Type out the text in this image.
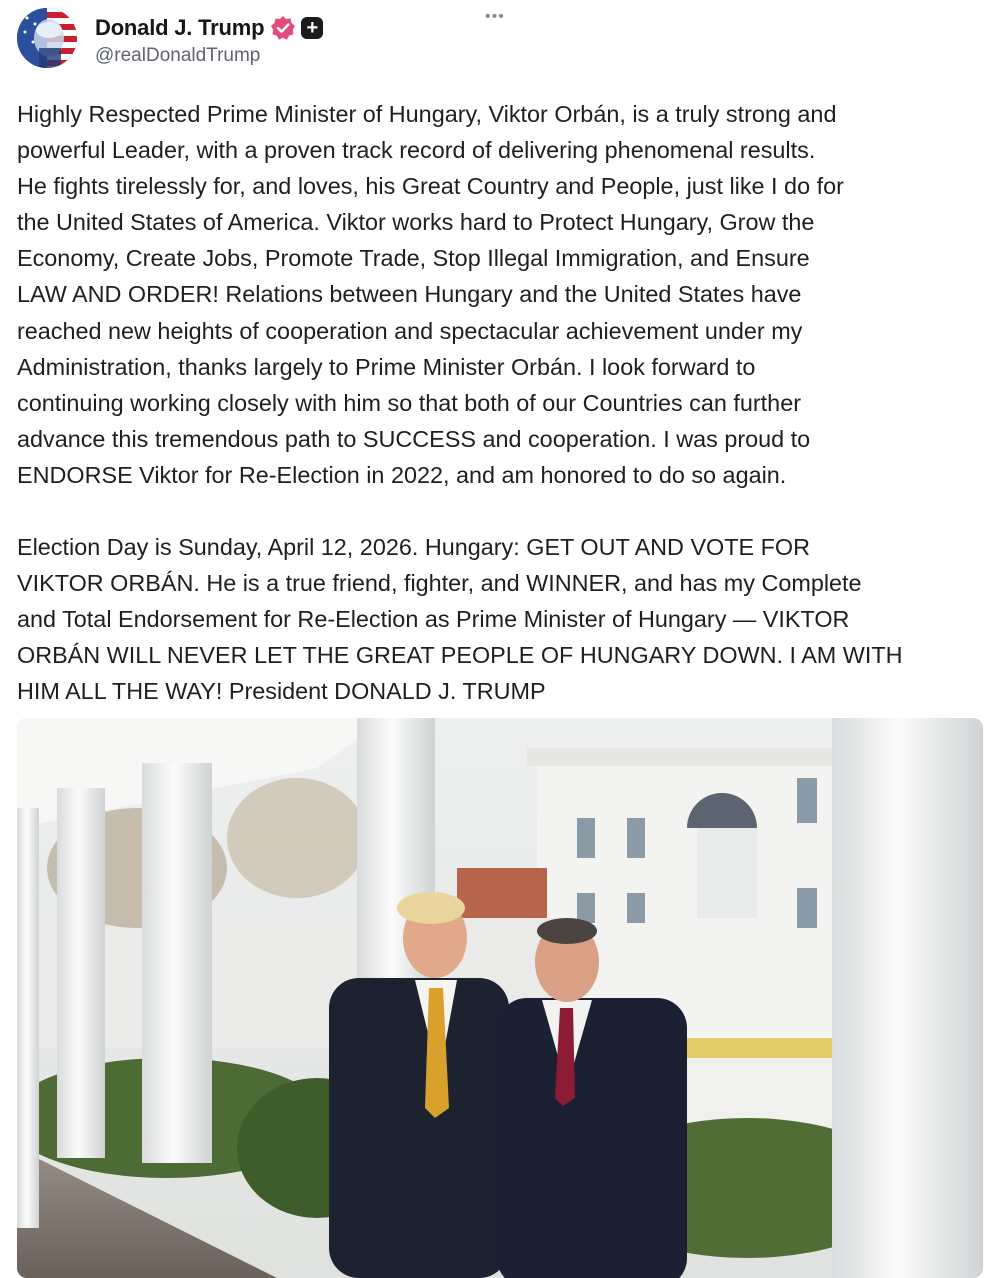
Donald J. Trump +
@realDonaldTrump
•••

Highly Respected Prime Minister of Hungary, Viktor Orbán, is a truly strong and
powerful Leader, with a proven track record of delivering phenomenal results.
He fights tirelessly for, and loves, his Great Country and People, just like I do for
the United States of America. Viktor works hard to Protect Hungary, Grow the
Economy, Create Jobs, Promote Trade, Stop Illegal Immigration, and Ensure
LAW AND ORDER! Relations between Hungary and the United States have
reached new heights of cooperation and spectacular achievement under my
Administration, thanks largely to Prime Minister Orbán. I look forward to
continuing working closely with him so that both of our Countries can further
advance this tremendous path to SUCCESS and cooperation. I was proud to
ENDORSE Viktor for Re-Election in 2022, and am honored to do so again.

Election Day is Sunday, April 12, 2026. Hungary: GET OUT AND VOTE FOR
VIKTOR ORBÁN. He is a true friend, fighter, and WINNER, and has my Complete
and Total Endorsement for Re-Election as Prime Minister of Hungary — VIKTOR
ORBÁN WILL NEVER LET THE GREAT PEOPLE OF HUNGARY DOWN. I AM WITH
HIM ALL THE WAY! President DONALD J. TRUMP
